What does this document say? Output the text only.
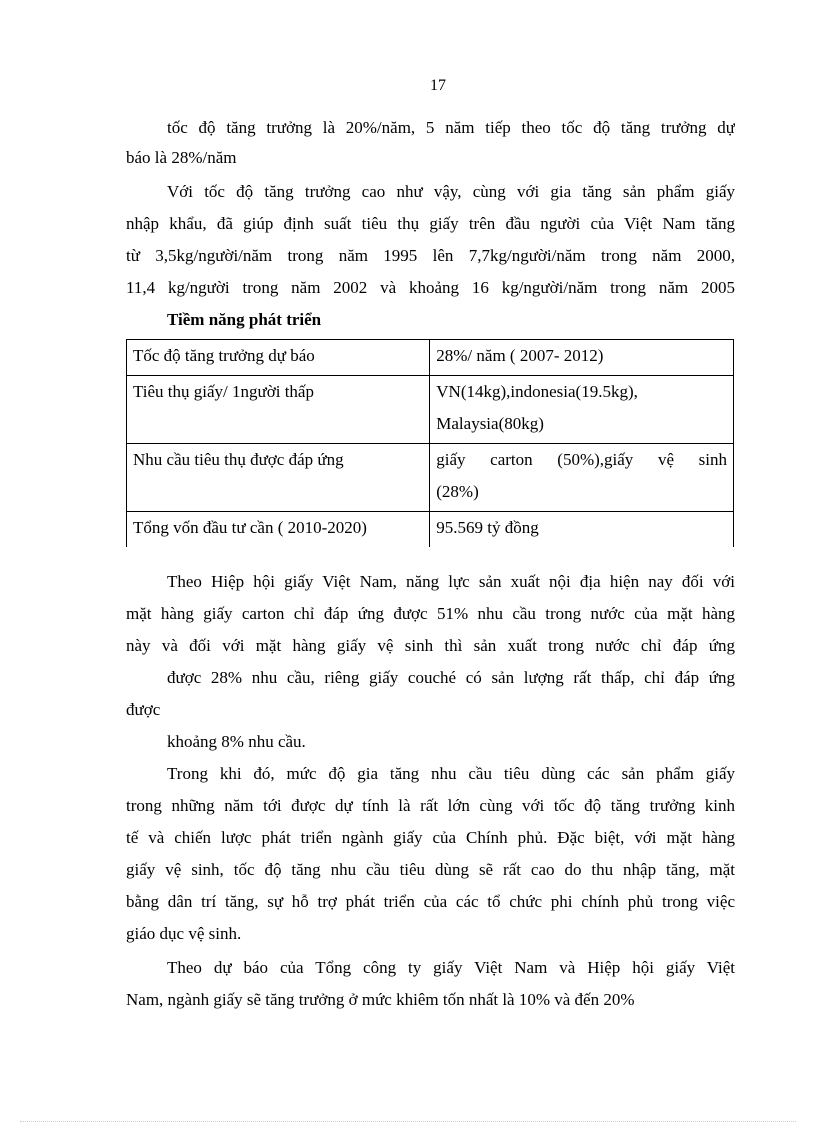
17
tốc độ tăng trưởng là 20%/năm, 5 năm tiếp theo tốc độ tăng trưởng dự
báo là 28%/năm
Với tốc độ tăng trưởng cao như vậy, cùng với gia tăng sản phẩm giấy
nhập khẩu, đã giúp định suất tiêu thụ giấy trên đầu người của Việt Nam tăng
từ 3,5kg/người/năm trong năm 1995 lên 7,7kg/người/năm trong năm 2000,
11,4 kg/người trong năm 2002 và khoảng 16 kg/người/năm trong năm 2005
Tiềm năng phát triển
Tốc độ tăng trưởng dự báo	28%/ năm ( 2007- 2012)

Tiêu thụ giấy/ 1người thấp	VN(14kg),indonesia(19.5kg),
Malaysia(80kg)

Nhu cầu tiêu thụ được đáp ứng	giấy carton (50%),giấy vệ sinh
(28%)

Tổng vốn đầu tư cần ( 2010-2020)	95.569 tỷ đồng
Theo Hiệp hội giấy Việt Nam, năng lực sản xuất nội địa hiện nay đối với
mặt hàng giấy carton chỉ đáp ứng được 51% nhu cầu trong nước của mặt hàng
này và đối với mặt hàng giấy vệ sinh thì sản xuất trong nước chỉ đáp ứng
được 28% nhu cầu, riêng giấy couché có sản lượng rất thấp, chỉ đáp ứng
được
khoảng 8% nhu cầu.
Trong khi đó, mức độ gia tăng nhu cầu tiêu dùng các sản phẩm giấy
trong những năm tới được dự tính là rất lớn cùng với tốc độ tăng trưởng kinh
tế và chiến lược phát triển ngành giấy của Chính phủ. Đặc biệt, với mặt hàng
giấy vệ sinh, tốc độ tăng nhu cầu tiêu dùng sẽ rất cao do thu nhập tăng, mặt
bằng dân trí tăng, sự hỗ trợ phát triển của các tổ chức phi chính phủ trong việc
giáo dục vệ sinh.
Theo dự báo của Tổng công ty giấy Việt Nam và Hiệp hội giấy Việt
Nam, ngành giấy sẽ tăng trưởng ở mức khiêm tốn nhất là 10% và đến 20%
